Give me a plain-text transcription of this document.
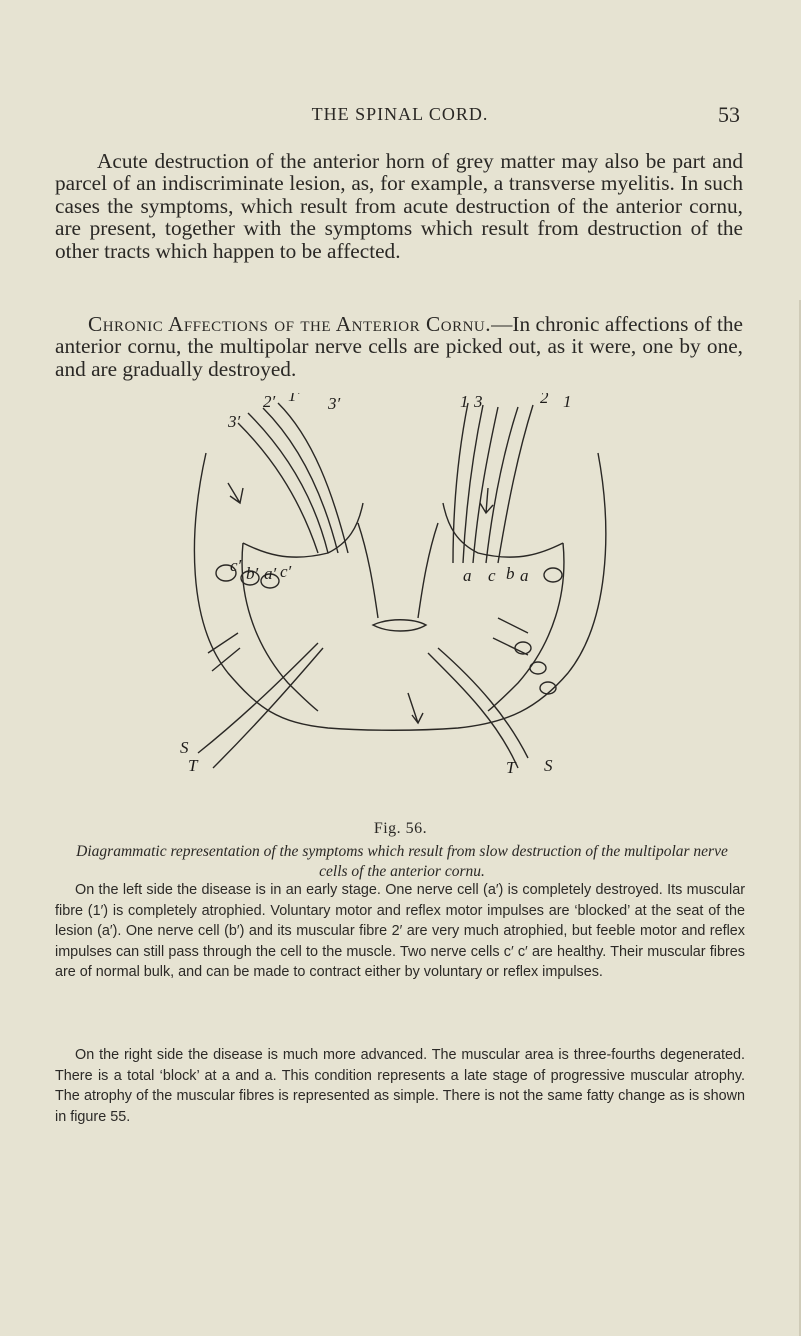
THE SPINAL CORD.	53

Acute destruction of the anterior horn of grey matter may also be part and parcel of an indiscriminate lesion, as, for example, a transverse myelitis. In such cases the symptoms, which result from acute destruction of the anterior cornu, are present, together with the symptoms which result from destruction of the other tracts which happen to be affected.

Chronic Affections of the Anterior Cornu.—In chronic affections of the anterior cornu, the multipolar nerve cells are picked out, as it were, one by one, and are gradually destroyed.

2′ 1′ 3′
3′
1 3	2 1
c′ b′ a′ c′	a c b a
S
T	T S
Fig. 56.

Diagrammatic representation of the symptoms which result from slow destruction of the multipolar nerve cells of the anterior cornu.

On the left side the disease is in an early stage. One nerve cell (a′) is completely destroyed. Its muscular fibre (1′) is completely atrophied. Voluntary motor and reflex motor impulses are ‘blocked’ at the seat of the lesion (a′). One nerve cell (b′) and its muscular fibre 2′ are very much atrophied, but feeble motor and reflex impulses can still pass through the cell to the muscle. Two nerve cells c′ c′ are healthy. Their muscular fibres are of normal bulk, and can be made to contract either by voluntary or reflex impulses.

On the right side the disease is much more advanced. The muscular area is three-fourths degenerated. There is a total ‘block’ at a and a. This condition represents a late stage of progressive muscular atrophy. The atrophy of the muscular fibres is represented as simple. There is not the same fatty change as is shown in figure 55.
